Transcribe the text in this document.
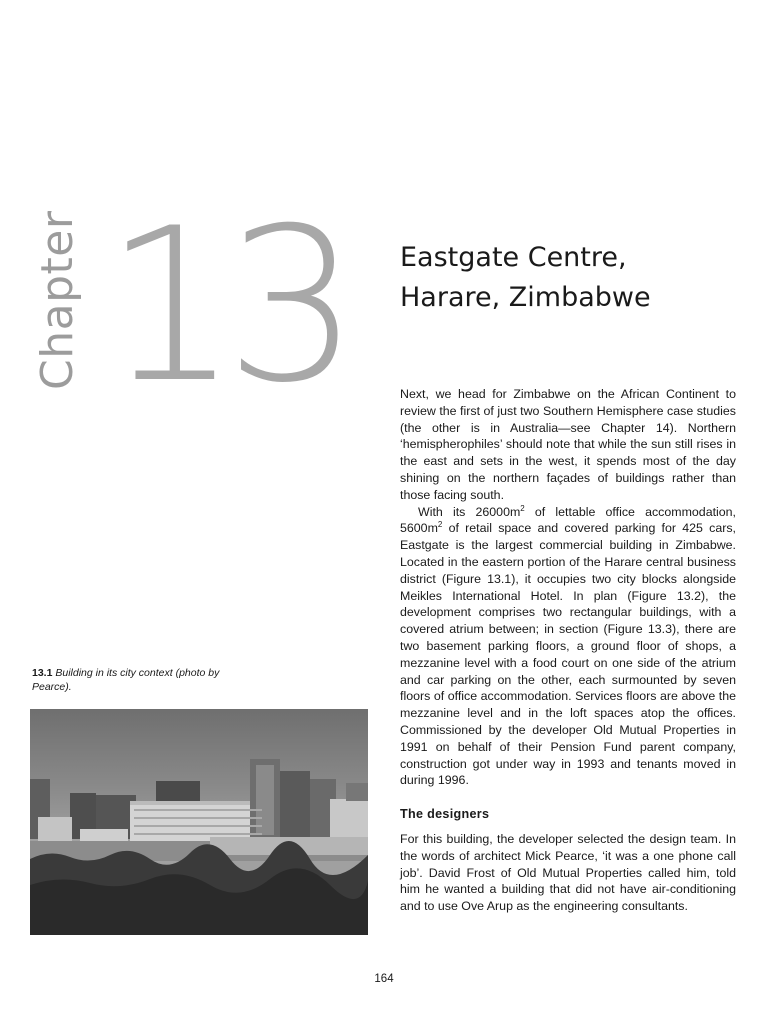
Chapter 13 Eastgate Centre,
Harare, Zimbabwe

Next, we head for Zimbabwe on the African Continent to review the first of just two Southern Hemisphere case studies (the other is in Australia—see Chapter 14). Northern ‘hemispherophiles’ should note that while the sun still rises in the east and sets in the west, it spends most of the day shining on the northern façades of buildings rather than those facing south.

With its $26000m^2$ of lettable office accommodation, $5600m^2$ of retail space and covered parking for 425 cars, Eastgate is the largest commercial building in Zimbabwe. Located in the eastern portion of the Harare central business district (Figure 13.1), it occupies two city blocks alongside Meikles International Hotel. In plan (Figure 13.2), the development comprises two rectangular buildings, with a covered atrium between; in section (Figure 13.3), there are two basement parking floors, a ground floor of shops, a mezzanine level with a food court on one side of the atrium and car parking on the other, each surmounted by seven floors of office accommodation. Services floors are above the mezzanine level and in the loft spaces atop the offices. Commissioned by the developer Old Mutual Properties in 1991 on behalf of their Pension Fund parent company, construction got under way in 1993 and tenants moved in during 1996.

The designers

For this building, the developer selected the design team. In the words of architect Mick Pearce, ‘it was a one phone call job’. David Frost of Old Mutual Properties called him, told him he wanted a building that did not have air-conditioning and to use Ove Arup as the engineering consultants.

13.1 Building in its city context (photo by Pearce).
164
